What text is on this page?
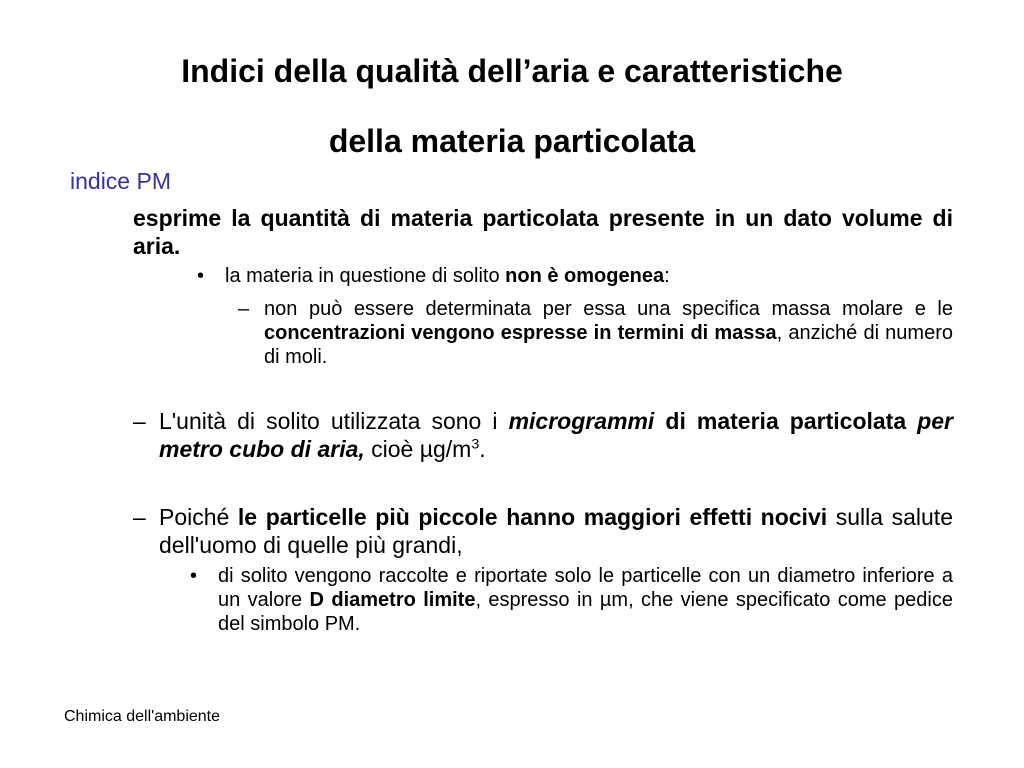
Indici della qualità dell’aria e caratteristiche
della materia particolata
indice PM
esprime la quantità di materia particolata presente in un dato volume di aria.
•	la materia in questione di solito non è omogenea:
– non può essere determinata per essa una specifica massa molare e le concentrazioni vengono espresse in termini di massa, anziché di numero di moli.
– L'unità di solito utilizzata sono i microgrammi di materia particolata per metro cubo di aria, cioè $\mu g/m^3$.
– Poiché le particelle più piccole hanno maggiori effetti nocivi sulla salute dell'uomo di quelle più grandi,
•	di solito vengono raccolte e riportate solo le particelle con un diametro inferiore a un valore D diametro limite, espresso in µm, che viene specificato come pedice del simbolo PM.
Chimica dell'ambiente
